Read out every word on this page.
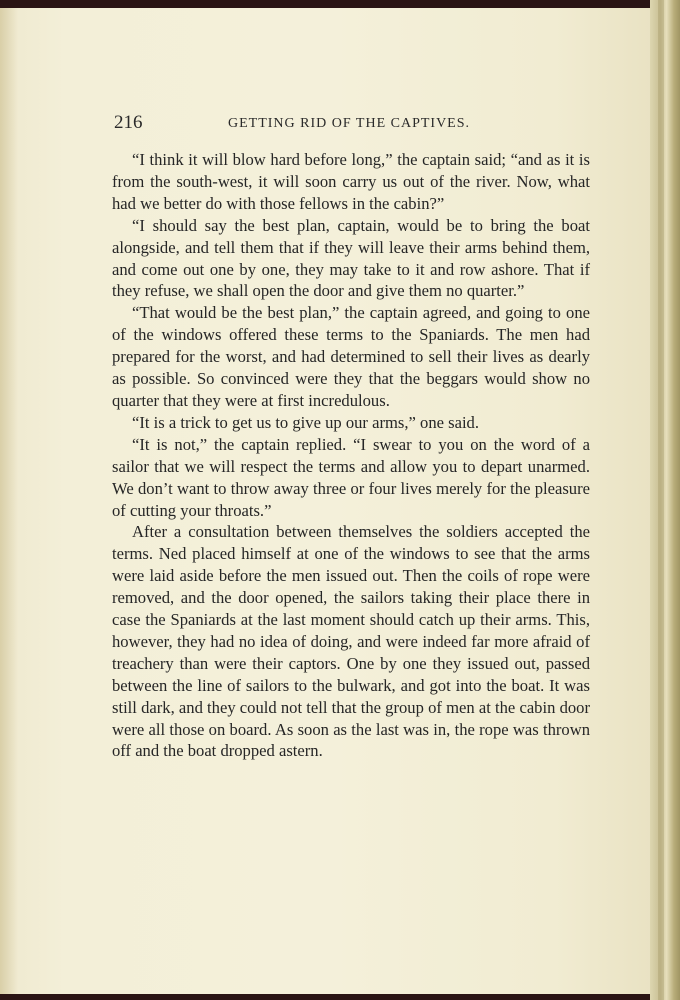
216	GETTING RID OF THE CAPTIVES.

“I think it will blow hard before long,” the captain said; “and as it is from the south-west, it will soon carry us out of the river. Now, what had we better do with those fellows in the cabin?”

“I should say the best plan, captain, would be to bring the boat alongside, and tell them that if they will leave their arms behind them, and come out one by one, they may take to it and row ashore. That if they refuse, we shall open the door and give them no quarter.”

“That would be the best plan,” the captain agreed, and going to one of the windows offered these terms to the Spaniards. The men had prepared for the worst, and had determined to sell their lives as dearly as possible. So convinced were they that the beggars would show no quarter that they were at first incredulous.

“It is a trick to get us to give up our arms,” one said.

“It is not,” the captain replied. “I swear to you on the word of a sailor that we will respect the terms and allow you to depart unarmed. We don’t want to throw away three or four lives merely for the pleasure of cutting your throats.”

After a consultation between themselves the soldiers accepted the terms. Ned placed himself at one of the windows to see that the arms were laid aside before the men issued out. Then the coils of rope were removed, and the door opened, the sailors taking their place there in case the Spaniards at the last moment should catch up their arms. This, however, they had no idea of doing, and were indeed far more afraid of treachery than were their captors. One by one they issued out, passed between the line of sailors to the bulwark, and got into the boat. It was still dark, and they could not tell that the group of men at the cabin door were all those on board. As soon as the last was in, the rope was thrown off and the boat dropped astern.
